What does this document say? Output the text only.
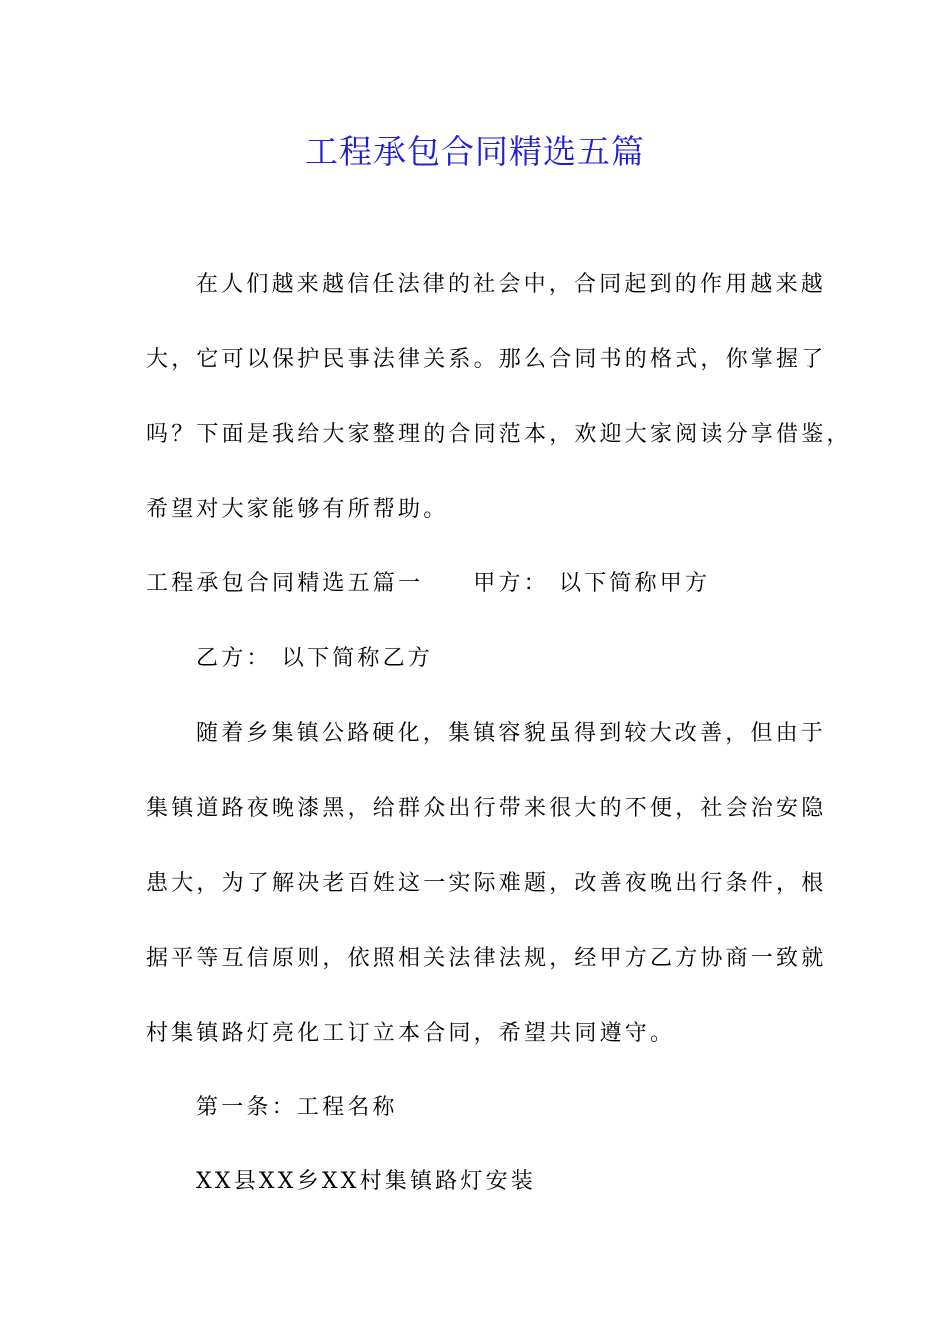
工程承包合同精选五篇
在人们越来越信任法律的社会中，合同起到的作用越来越
大，它可以保护民事法律关系。那么合同书的格式，你掌握了
吗？下面是我给大家整理的合同范本，欢迎大家阅读分享借鉴，
希望对大家能够有所帮助。
工程承包合同精选五篇一 甲方： 以下简称甲方
乙方： 以下简称乙方
随着乡集镇公路硬化，集镇容貌虽得到较大改善，但由于
集镇道路夜晚漆黑，给群众出行带来很大的不便，社会治安隐
患大，为了解决老百姓这一实际难题，改善夜晚出行条件，根
据平等互信原则，依照相关法律法规，经甲方乙方协商一致就
村集镇路灯亮化工订立本合同，希望共同遵守。
第一条：工程名称
XX县XX乡XX村集镇路灯安装
